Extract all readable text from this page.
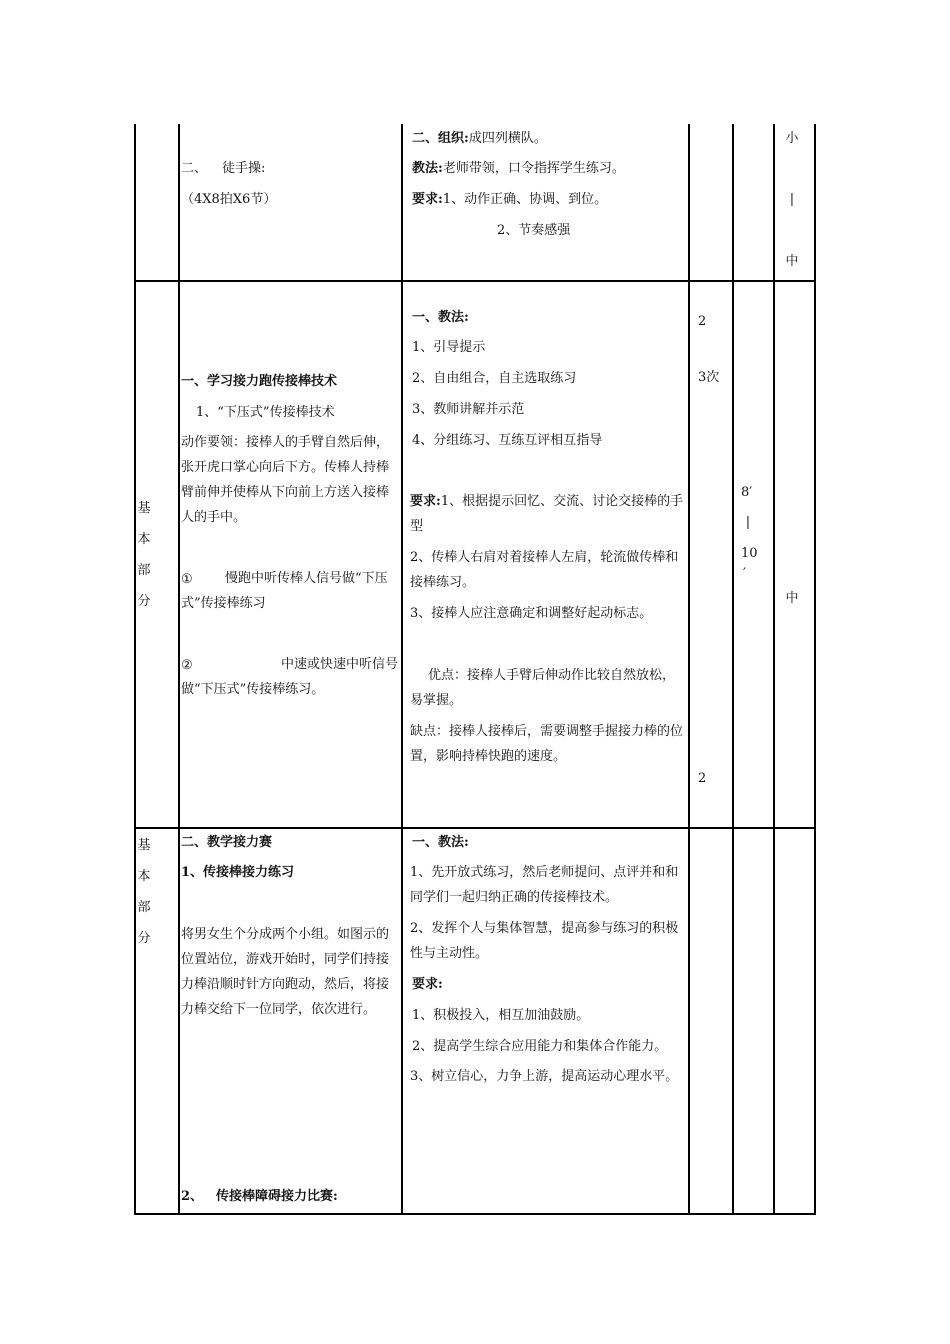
二、 徒手操:
（4X8拍X6节）
二、组织:成四列横队。
教法:老师带领，口令指挥学生练习。
要求:1、动作正确、协调、到位。
2、节奏感强
小
|
中
基
本
部
分
一、学习接力跑传接棒技术
1、“下压式”传接棒技术
动作要领：接棒人的手臂自然后伸，张开虎口掌心向后下方。传棒人持棒臂前伸并使棒从下向前上方送入接棒人的手中。
①	慢跑中听传棒人信号做“下压式”传接棒练习
②	中速或快速中听信号做“下压式”传接棒练习。
一、教法:
1、引导提示
2、自由组合，自主选取练习
3、教师讲解并示范
4、分组练习、互练互评相互指导
要求:1、根据提示回忆、交流、讨论交接棒的手型
2、传棒人右肩对着接棒人左肩，轮流做传棒和接棒练习。
3、接棒人应注意确定和调整好起动标志。
优点：接棒人手臂后伸动作比较自然放松，易掌握。
缺点：接棒人接棒后，需要调整手握接力棒的位置，影响持棒快跑的速度。
2
3次
2
8′
|
10
′
中
基
本
部
分
二、教学接力赛
1、传接棒接力练习
将男女生个分成两个小组。如图示的位置站位，游戏开始时，同学们持接力棒沿顺时针方向跑动，然后，将接力棒交给下一位同学，依次进行。
2、 传接棒障碍接力比赛:
一、教法:
1、先开放式练习，然后老师提问、点评并和和同学们一起归纳正确的传接棒技术。
2、发挥个人与集体智慧，提高参与练习的积极性与主动性。
要求:
1、积极投入，相互加油鼓励。
2、提高学生综合应用能力和集体合作能力。
3、树立信心，力争上游，提高运动心理水平。
